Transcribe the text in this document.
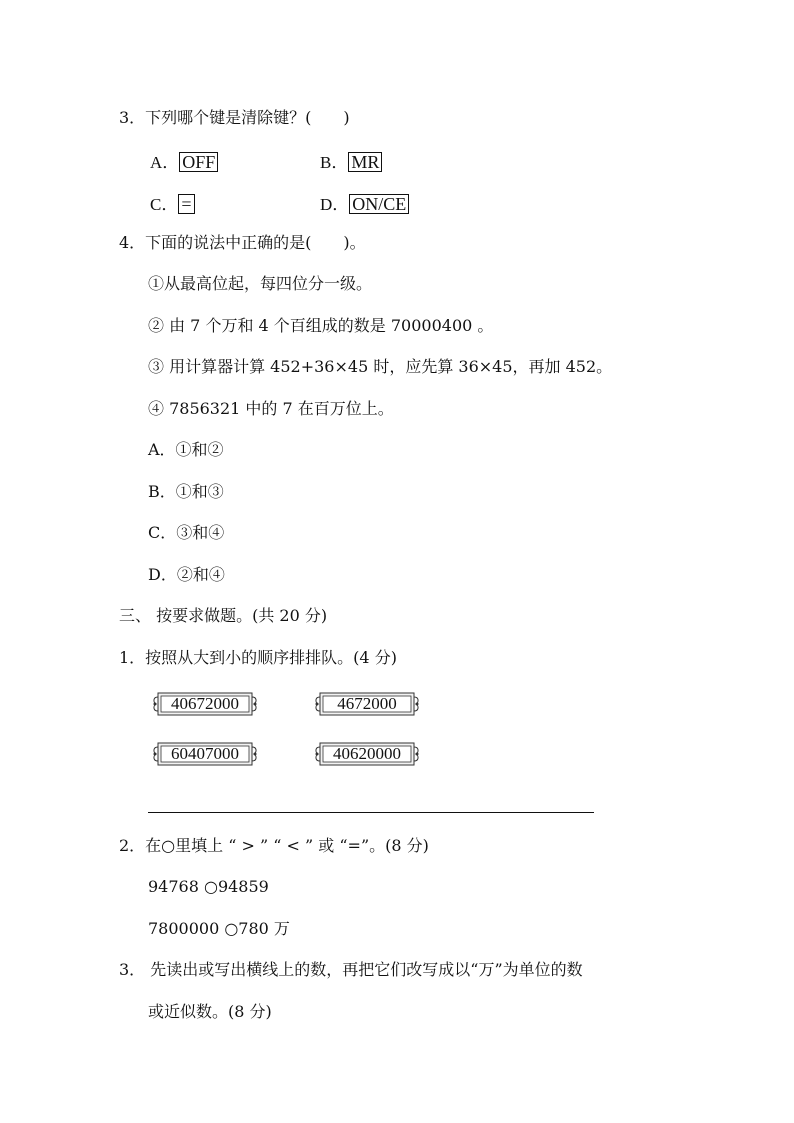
3．下列哪个键是清除键？(　　)
A． OFF	B． MR
C． =	D． ON/CE
4．下面的说法中正确的是(　　)。
①从最高位起，每四位分一级。
② 由 7 个万和 4 个百组成的数是 70000400 。
③ 用计算器计算 452+36×45 时，应先算 36×45，再加 452。
④ 7856321 中的 7 在百万位上。
A．①和②
B．①和③
C．③和④
D．②和④
三、 按要求做题。(共 20 分)
1．按照从大到小的顺序排排队。(4 分)
40672000	4672000
60407000	40620000
2．在○里填上 “ > ” “ < ” 或 “=”。(8 分)
94768 ○94859
7800000 ○780 万
3． 先读出或写出横线上的数，再把它们改写成以“万”为单位的数
或近似数。(8 分)
